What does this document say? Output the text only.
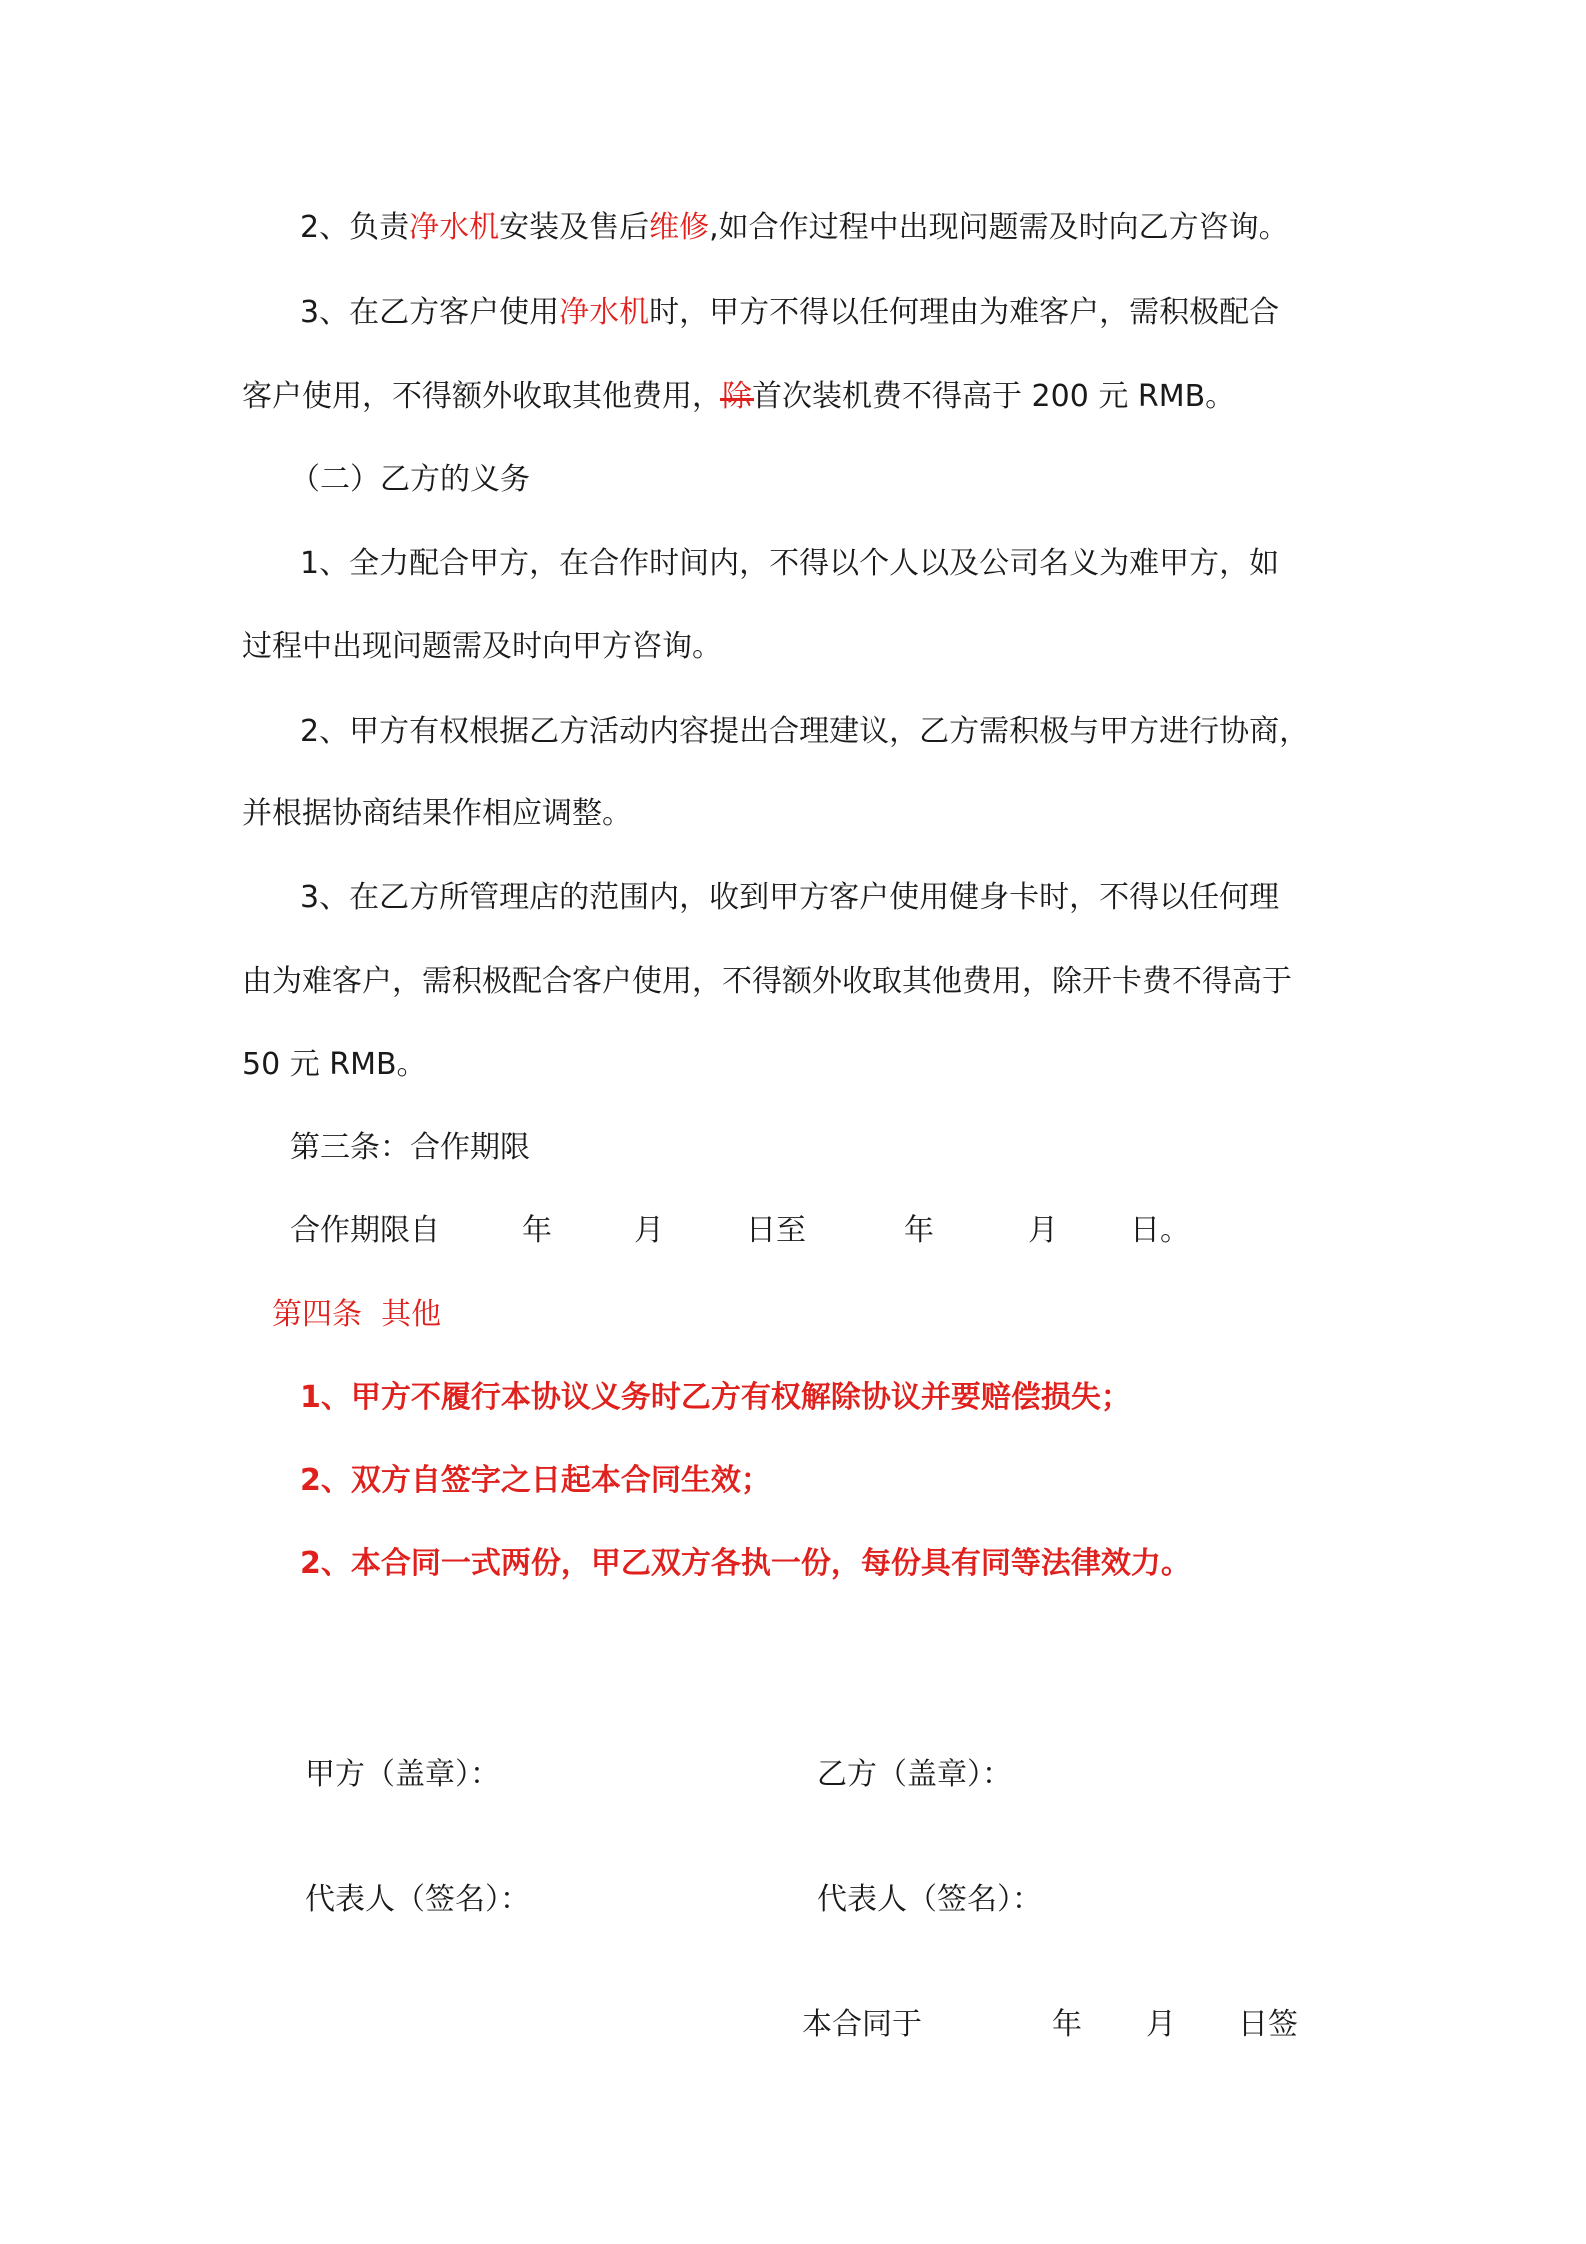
2、负责净水机安装及售后维修,如合作过程中出现问题需及时向乙方咨询。

3、在乙方客户使用净水机时，甲方不得以任何理由为难客户，需积极配合

客户使用，不得额外收取其他费用，除首次装机费不得高于 200 元 RMB。

（二）乙方的义务

1、全力配合甲方，在合作时间内，不得以个人以及公司名义为难甲方，如

过程中出现问题需及时向甲方咨询。

2、甲方有权根据乙方活动内容提出合理建议，乙方需积极与甲方进行协商，

并根据协商结果作相应调整。

3、在乙方所管理店的范围内，收到甲方客户使用健身卡时，不得以任何理

由为难客户，需积极配合客户使用，不得额外收取其他费用，除开卡费不得高于

50 元 RMB。

第三条：合作期限

合作期限自	年	月	日至	年	月 日。

第四条  其他

1、甲方不履行本协议义务时乙方有权解除协议并要赔偿损失；

2、双方自签字之日起本合同生效；

2、本合同一式两份，甲乙双方各执一份，每份具有同等法律效力。

甲方（盖章）：	乙方（盖章）：

代表人（签名）：	代表人（签名）：

本合同于	年 月 日签
